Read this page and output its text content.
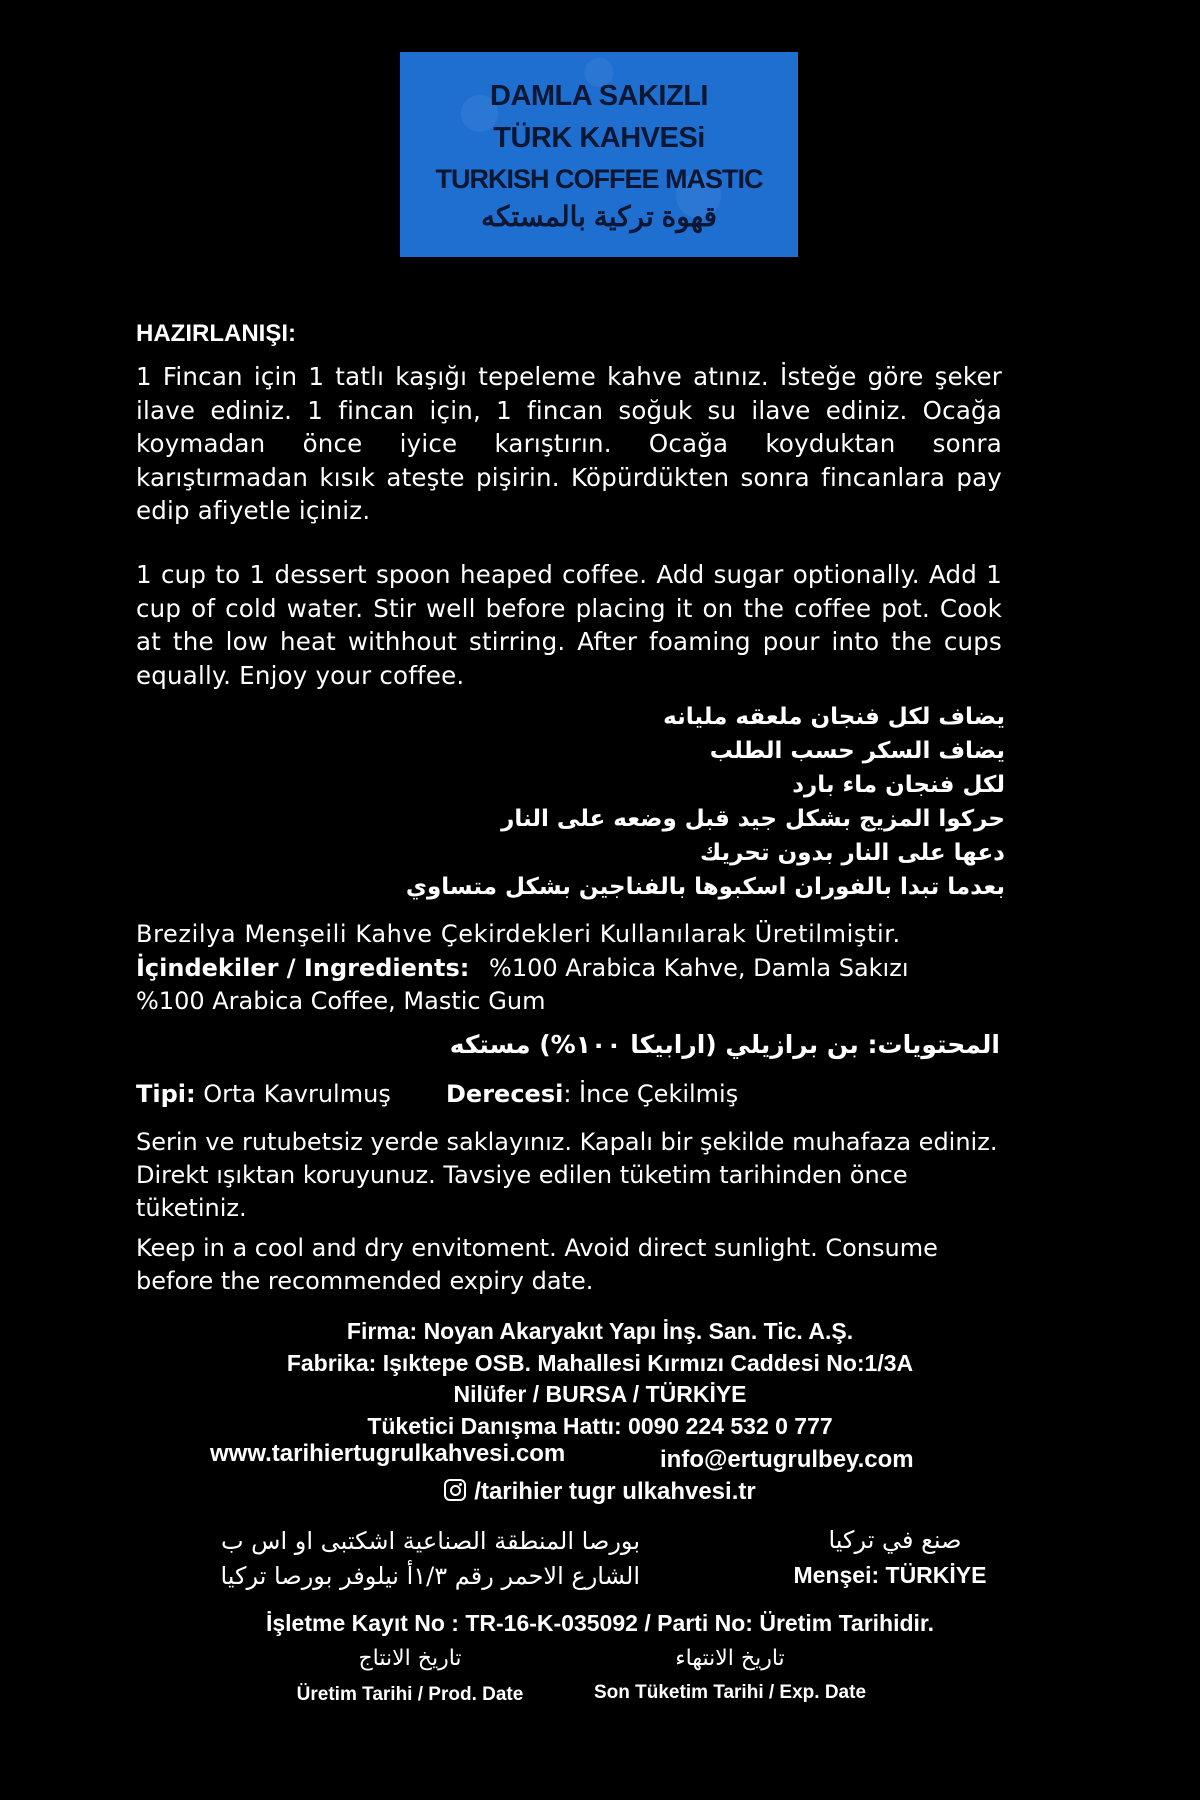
DAMLA SAKIZLI
TÜRK KAHVESi
TURKISH COFFEE MASTIC
قهوة تركية بالمستكه
HAZIRLANIŞI:
1 Fincan için 1 tatlı kaşığı tepeleme kahve atınız. İsteğe göre şeker ilave ediniz. 1 fincan için, 1 fincan soğuk su ilave ediniz. Ocağa koymadan önce iyice karıştırın. Ocağa koyduktan sonra karıştırmadan kısık ateşte pişirin. Köpürdükten sonra fincanlara pay edip afiyetle içiniz.
1 cup to 1 dessert spoon heaped coffee. Add sugar optionally. Add 1 cup of cold water. Stir well before placing it on the coffee pot. Cook at the low heat withhout stirring. After foaming pour into the cups equally. Enjoy your coffee.
يضاف لكل فنجان ملعقه مليانه
يضاف السكر حسب الطلب
لكل فنجان ماء بارد
حركوا المزيج بشكل جيد قبل وضعه على النار
دعها على النار بدون تحريك
بعدما تبدا بالفوران اسكبوها بالفناجين بشكل متساوي
Brezilya Menşeili Kahve Çekirdekleri Kullanılarak Üretilmiştir.
İçindekiler / Ingredients: %100 Arabica Kahve, Damla Sakızı
%100 Arabica Coffee, Mastic Gum
المحتويات: بن برازيلي (ارابيكا ١٠٠%) مستكه
Tipi: Orta Kavrulmuş Derecesi: İnce Çekilmiş
Serin ve rutubetsiz yerde saklayınız. Kapalı bir şekilde muhafaza ediniz. Direkt ışıktan koruyunuz. Tavsiye edilen tüketim tarihinden önce tüketiniz.
Keep in a cool and dry envitoment. Avoid direct sunlight. Consume before the recommended expiry date.
Firma: Noyan Akaryakıt Yapı İnş. San. Tic. A.Ş.
Fabrika: Işıktepe OSB. Mahallesi Kırmızı Caddesi No:1/3A
Nilüfer / BURSA / TÜRKİYE
Tüketici Danışma Hattı: 0090 224 532 0 777
www.tarihiertugrulkahvesi.com	info@ertugrulbey.com
/tarihier tugr ulkahvesi.tr
بورصا المنطقة الصناعية اشكتبى او اس ب
الشارع الاحمر رقم ١/٣أ نيلوفر بورصا تركيا
صنع في تركيا
Menşei: TÜRKİYE
İşletme Kayıt No : TR-16-K-035092 / Parti No: Üretim Tarihidir.
تاريخ الانتاج	تاريخ الانتهاء
Üretim Tarihi / Prod. Date	Son Tüketim Tarihi / Exp. Date
